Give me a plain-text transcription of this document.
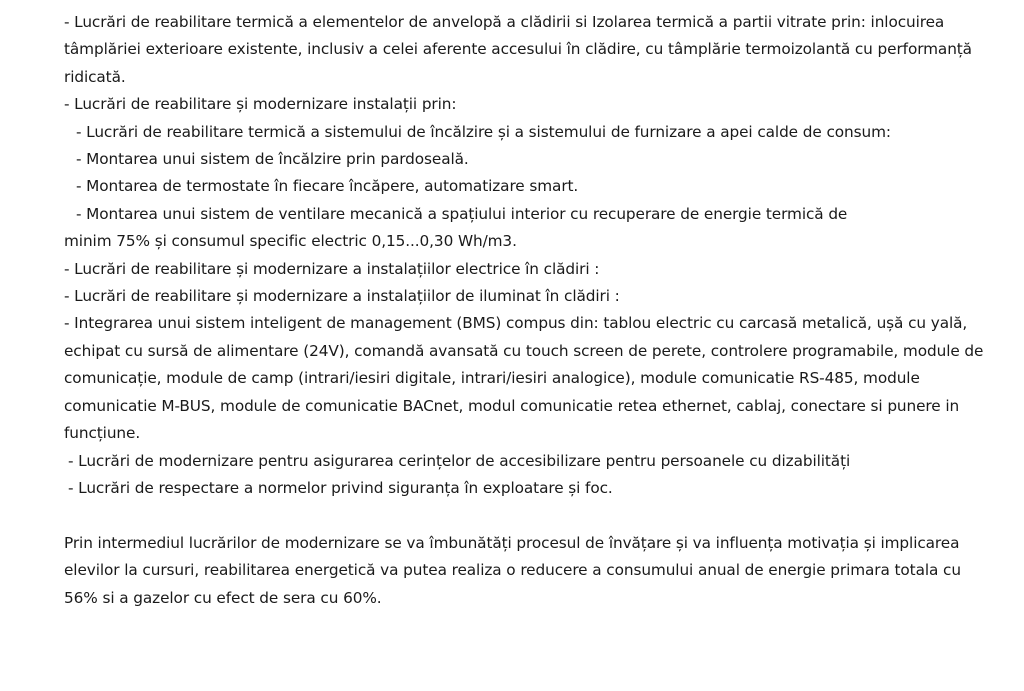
- Lucrări de reabilitare termică a elementelor de anvelopă a clădirii si Izolarea termică a partii vitrate prin: inlocuirea tâmplăriei exterioare existente, inclusiv a celei aferente accesului în clădire, cu tâmplărie termoizolantă cu performanță ridicată.

- Lucrări de reabilitare și modernizare instalații prin:

- Lucrări de reabilitare termică a sistemului de încălzire și a sistemului de furnizare a apei calde de consum:

- Montarea unui sistem de încălzire prin pardoseală.

- Montarea de termostate în fiecare încăpere, automatizare smart.

- Montarea unui sistem de ventilare mecanică a spațiului interior cu recuperare de energie termică de

minim 75% și consumul specific electric 0,15...0,30 Wh/m3.

- Lucrări de reabilitare și modernizare a instalațiilor electrice în clădiri :

- Lucrări de reabilitare și modernizare a instalațiilor de iluminat în clădiri :

- Integrarea unui sistem inteligent de management (BMS) compus din: tablou electric cu carcasă metalică, ușă cu yală, echipat cu sursă de alimentare (24V), comandă avansată cu touch screen de perete, controlere programabile, module de comunicație, module de camp (intrari/iesiri digitale, intrari/iesiri analogice), module comunicatie RS-485, module comunicatie M-BUS, module de comunicatie BACnet, modul comunicatie retea ethernet, cablaj, conectare si punere in funcțiune.

- Lucrări de modernizare pentru asigurarea cerințelor de accesibilizare pentru persoanele cu dizabilități

- Lucrări de respectare a normelor privind siguranța în exploatare și foc.

Prin intermediul lucrărilor de modernizare se va îmbunătăți procesul de învățare și va influența motivația și implicarea elevilor la cursuri, reabilitarea energetică va putea realiza o reducere a consumului anual de energie primara totala cu 56% si a gazelor cu efect de sera cu 60%.
